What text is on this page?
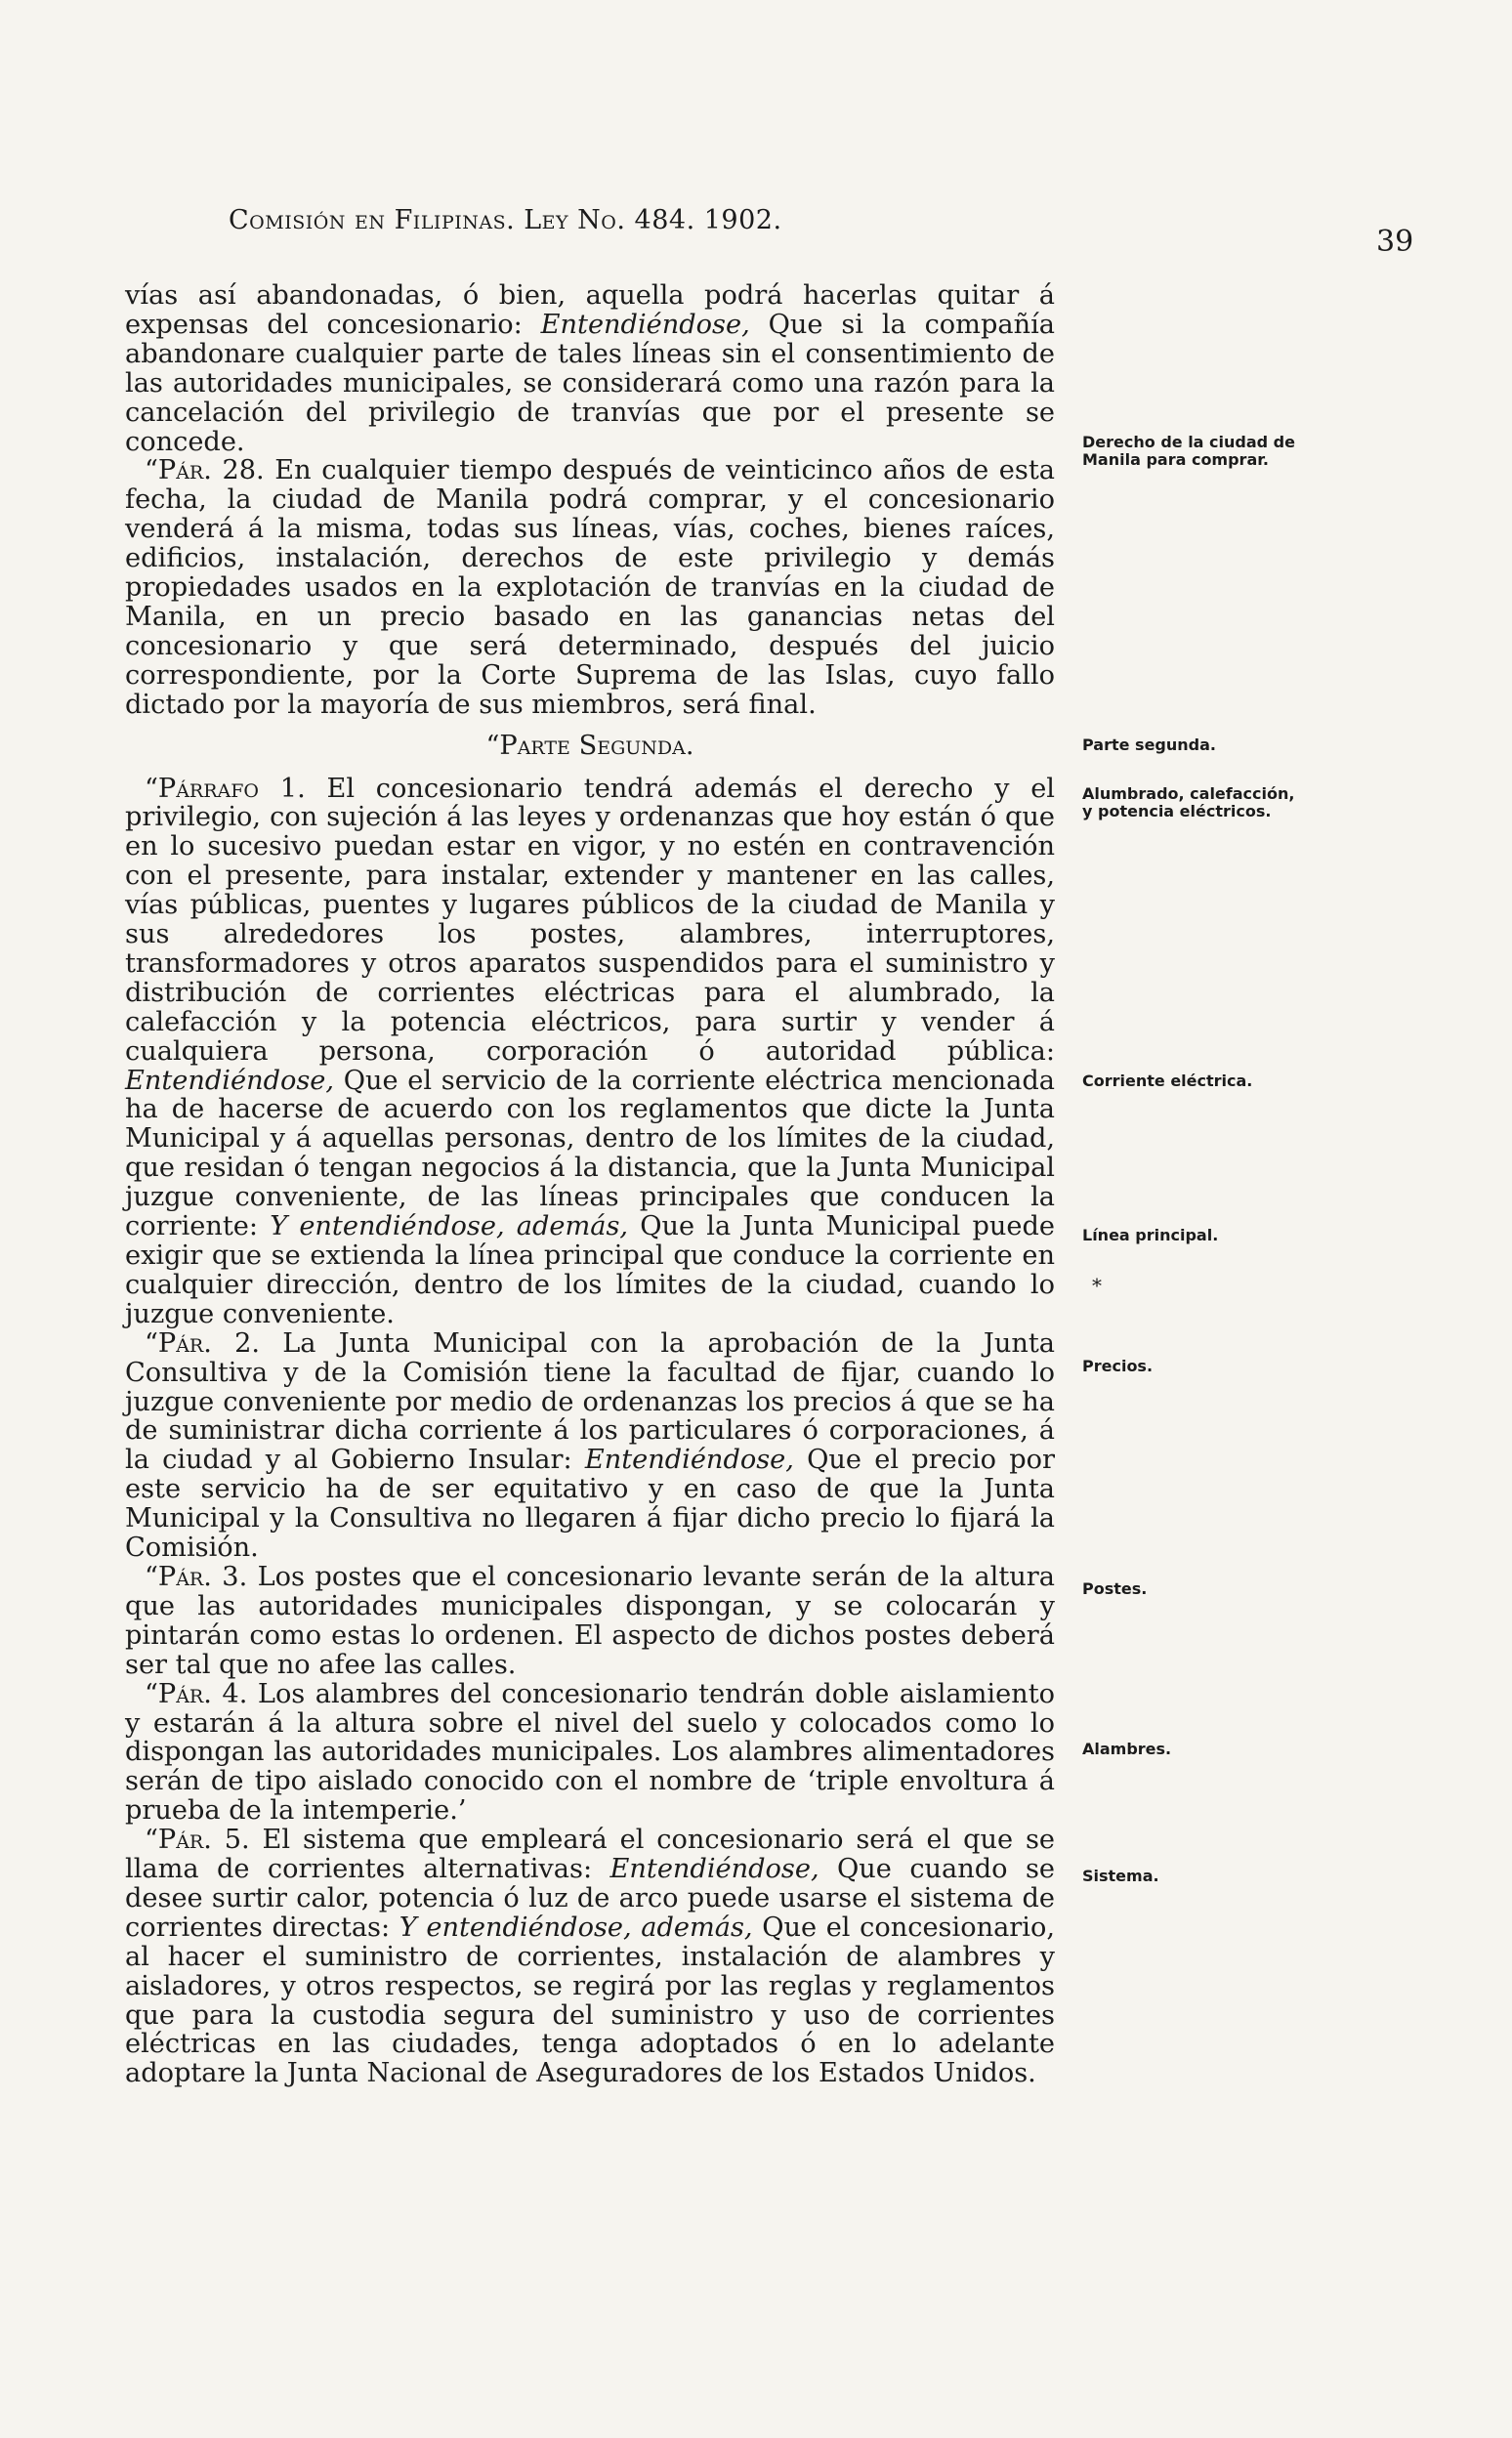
Comisión en Filipinas. Ley No. 484. 1902.
39

vías así abandonadas, ó bien, aquella podrá hacerlas quitar á expensas del concesionario: Entendiéndose, Que si la compañía abandonare cualquier parte de tales líneas sin el consentimiento de las autoridades municipales, se considerará como una razón para la cancelación del privilegio de tranvías que por el presente se concede.

“Pár. 28. En cualquier tiempo después de veinticinco años de esta fecha, la ciudad de Manila podrá comprar, y el concesionario venderá á la misma, todas sus líneas, vías, coches, bienes raíces, edificios, instalación, derechos de este privilegio y demás propiedades usados en la explotación de tranvías en la ciudad de Manila, en un precio basado en las ganancias netas del concesionario y que será determinado, después del juicio correspondiente, por la Corte Suprema de las Islas, cuyo fallo dictado por la mayoría de sus miembros, será final.

“Parte Segunda.

“Párrafo 1. El concesionario tendrá además el derecho y el privilegio, con sujeción á las leyes y ordenanzas que hoy están ó que en lo sucesivo puedan estar en vigor, y no estén en contravención con el presente, para instalar, extender y mantener en las calles, vías públicas, puentes y lugares públicos de la ciudad de Manila y sus alrededores los postes, alambres, interruptores, transformadores y otros aparatos suspendidos para el suministro y distribución de corrientes eléctricas para el alumbrado, la calefacción y la potencia eléctricos, para surtir y vender á cualquiera persona, corporación ó autoridad pública: Entendiéndose, Que el servicio de la corriente eléctrica mencionada ha de hacerse de acuerdo con los reglamentos que dicte la Junta Municipal y á aquellas personas, dentro de los límites de la ciudad, que residan ó tengan negocios á la distancia, que la Junta Municipal juzgue conveniente, de las líneas principales que conducen la corriente: Y entendiéndose, además, Que la Junta Municipal puede exigir que se extienda la línea principal que conduce la corriente en cualquier dirección, dentro de los límites de la ciudad, cuando lo juzgue conveniente.

“Pár. 2. La Junta Municipal con la aprobación de la Junta Consultiva y de la Comisión tiene la facultad de fijar, cuando lo juzgue conveniente por medio de ordenanzas los precios á que se ha de suministrar dicha corriente á los particulares ó corporaciones, á la ciudad y al Gobierno Insular: Entendiéndose, Que el precio por este servicio ha de ser equitativo y en caso de que la Junta Municipal y la Consultiva no llegaren á fijar dicho precio lo fijará la Comisión.

“Pár. 3. Los postes que el concesionario levante serán de la altura que las autoridades municipales dispongan, y se colocarán y pintarán como estas lo ordenen. El aspecto de dichos postes deberá ser tal que no afee las calles.

“Pár. 4. Los alambres del concesionario tendrán doble aislamiento y estarán á la altura sobre el nivel del suelo y colocados como lo dispongan las autoridades municipales. Los alambres alimentadores serán de tipo aislado conocido con el nombre de ‘triple envoltura á prueba de la intemperie.’

“Pár. 5. El sistema que empleará el concesionario será el que se llama de corrientes alternativas: Entendiéndose, Que cuando se desee surtir calor, potencia ó luz de arco puede usarse el sistema de corrientes directas: Y entendiéndose, además, Que el concesionario, al hacer el suministro de corrientes, instalación de alambres y aisladores, y otros respectos, se regirá por las reglas y reglamentos que para la custodia segura del suministro y uso de corrientes eléctricas en las ciudades, tenga adoptados ó en lo adelante adoptare la Junta Nacional de Aseguradores de los Estados Unidos.

Derecho de la ciudad de Manila para comprar.
Parte segunda.
Alumbrado, calefacción, y potencia eléctricos.
Corriente eléctrica.
Línea principal.
*
Precios.
Postes.
Alambres.
Sistema.
